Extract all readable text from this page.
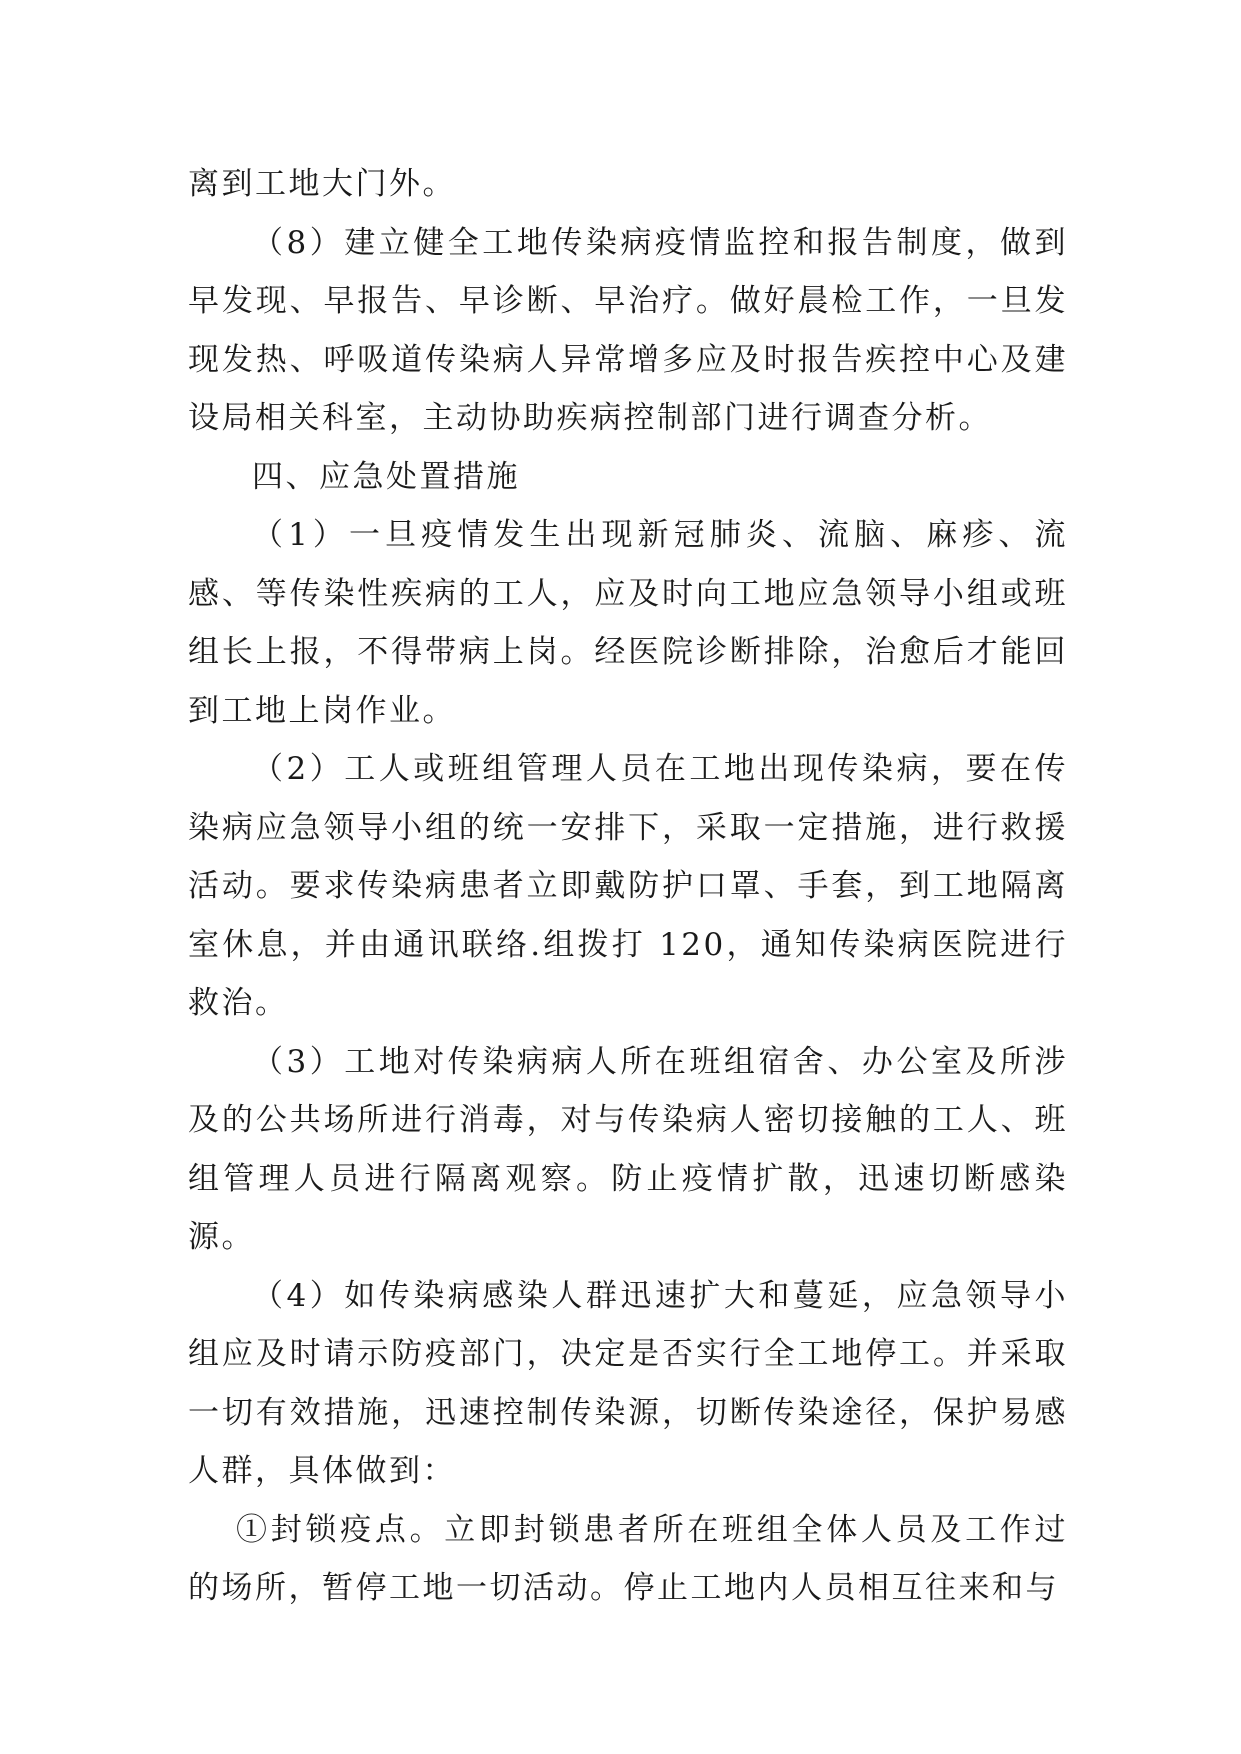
离到工地大门外。

（8）建立健全工地传染病疫情监控和报告制度，做到早发现、早报告、早诊断、早治疗。做好晨检工作，一旦发现发热、呼吸道传染病人异常增多应及时报告疾控中心及建设局相关科室，主动协助疾病控制部门进行调查分析。

四、应急处置措施

（1）一旦疫情发生出现新冠肺炎、流脑、麻疹、流感、等传染性疾病的工人，应及时向工地应急领导小组或班组长上报，不得带病上岗。经医院诊断排除，治愈后才能回到工地上岗作业。

（2）工人或班组管理人员在工地出现传染病，要在传染病应急领导小组的统一安排下，采取一定措施，进行救援活动。要求传染病患者立即戴防护口罩、手套，到工地隔离室休息，并由通讯联络.组拨打 120，通知传染病医院进行救治。

（3）工地对传染病病人所在班组宿舍、办公室及所涉及的公共场所进行消毒，对与传染病人密切接触的工人、班组管理人员进行隔离观察。防止疫情扩散，迅速切断感染源。

（4）如传染病感染人群迅速扩大和蔓延，应急领导小组应及时请示防疫部门，决定是否实行全工地停工。并采取一切有效措施，迅速控制传染源，切断传染途径，保护易感人群，具体做到：

①封锁疫点。立即封锁患者所在班组全体人员及工作过的场所，暂停工地一切活动。停止工地内人员相互往来和与
